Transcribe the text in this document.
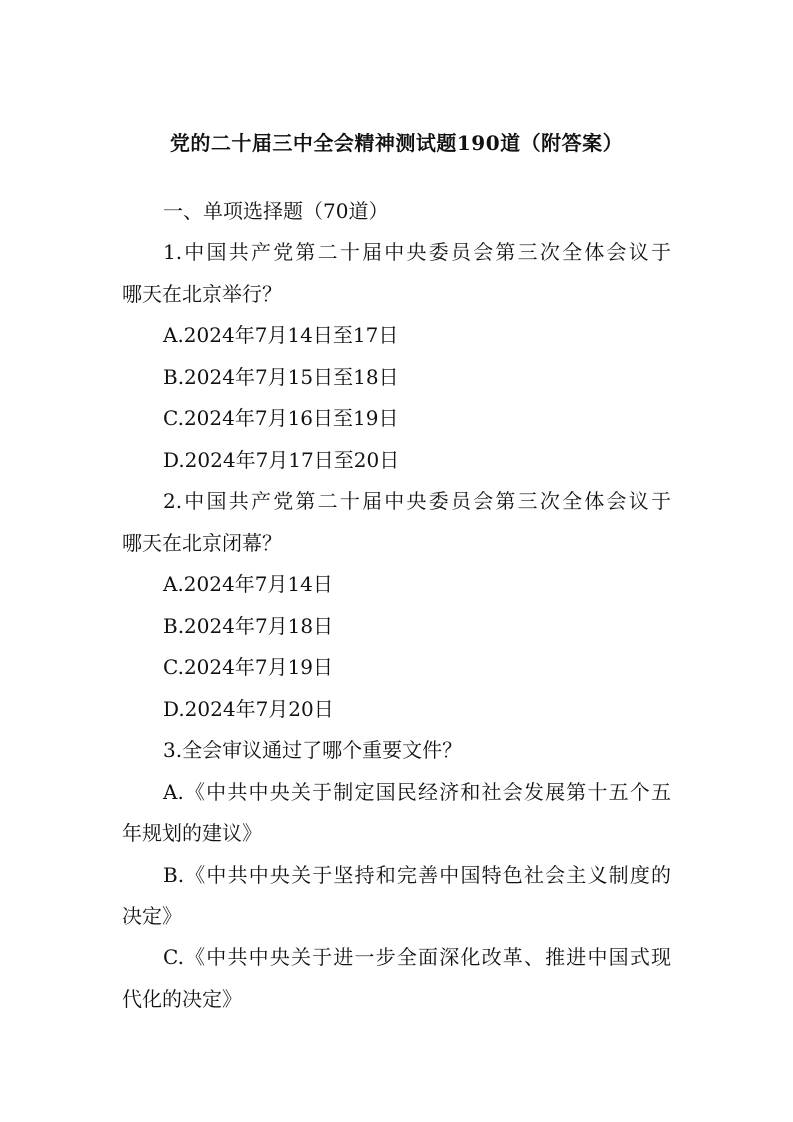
党的二十届三中全会精神测试题190道（附答案）
一、单项选择题（70道）
1.中国共产党第二十届中央委员会第三次全体会议于
哪天在北京举行？
A.2024年7月14日至17日
B.2024年7月15日至18日
C.2024年7月16日至19日
D.2024年7月17日至20日
2.中国共产党第二十届中央委员会第三次全体会议于
哪天在北京闭幕？
A.2024年7月14日
B.2024年7月18日
C.2024年7月19日
D.2024年7月20日
3.全会审议通过了哪个重要文件？
A.《中共中央关于制定国民经济和社会发展第十五个五
年规划的建议》
B.《中共中央关于坚持和完善中国特色社会主义制度的
决定》
C.《中共中央关于进一步全面深化改革、推进中国式现
代化的决定》
